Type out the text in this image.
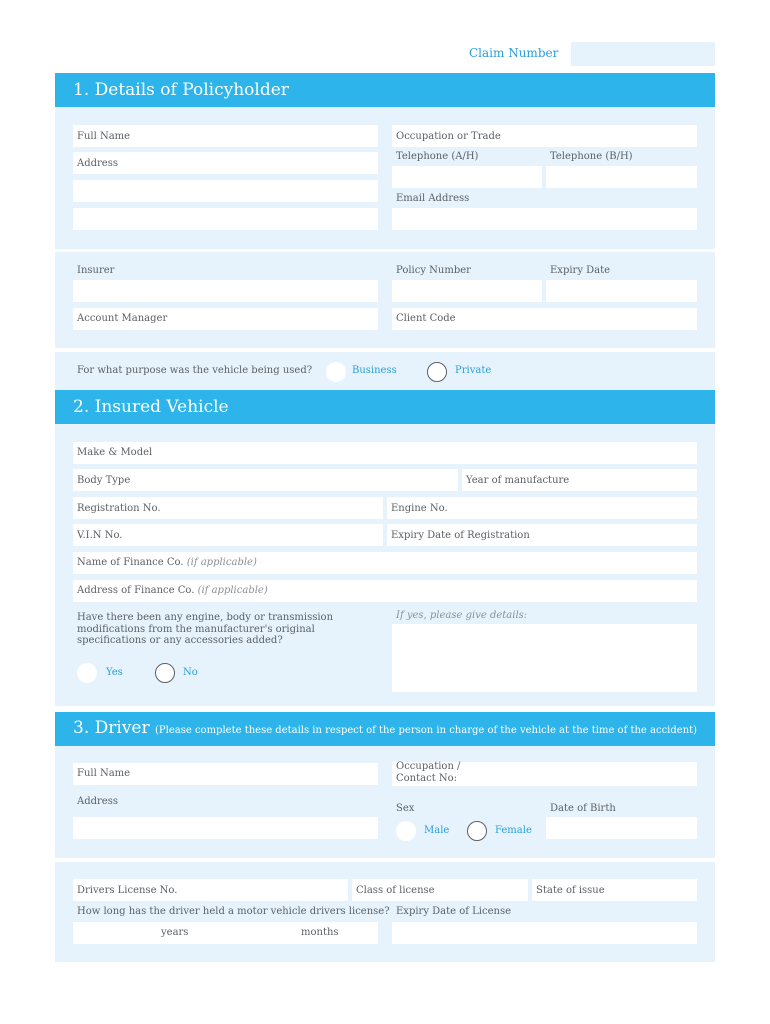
Claim Number
1. Details of Policyholder
Full Name
Address
Occupation or Trade
Telephone (A/H)	Telephone (B/H)
Email Address
Insurer	Policy Number	Expiry Date
Account Manager	Client Code
For what purpose was the vehicle being used?	Business	Private
2. Insured Vehicle
Make & Model
Body Type	Year of manufacture
Registration No.	Engine No.
V.I.N No.	Expiry Date of Registration
Name of Finance Co. (if applicable)
Address of Finance Co. (if applicable)
Have there been any engine, body or transmission
modifications from the manufacturer's original
specifications or any accessories added?
If yes, please give details:
Yes	No
3. Driver (Please complete these details in respect of the person in charge of the vehicle at the time of the accident)
Full Name
Address
Occupation /
Contact No:
Sex	Date of Birth
Male	Female
Drivers License No.	Class of license	State of issue
How long has the driver held a motor vehicle drivers license?
years	months
Expiry Date of License
